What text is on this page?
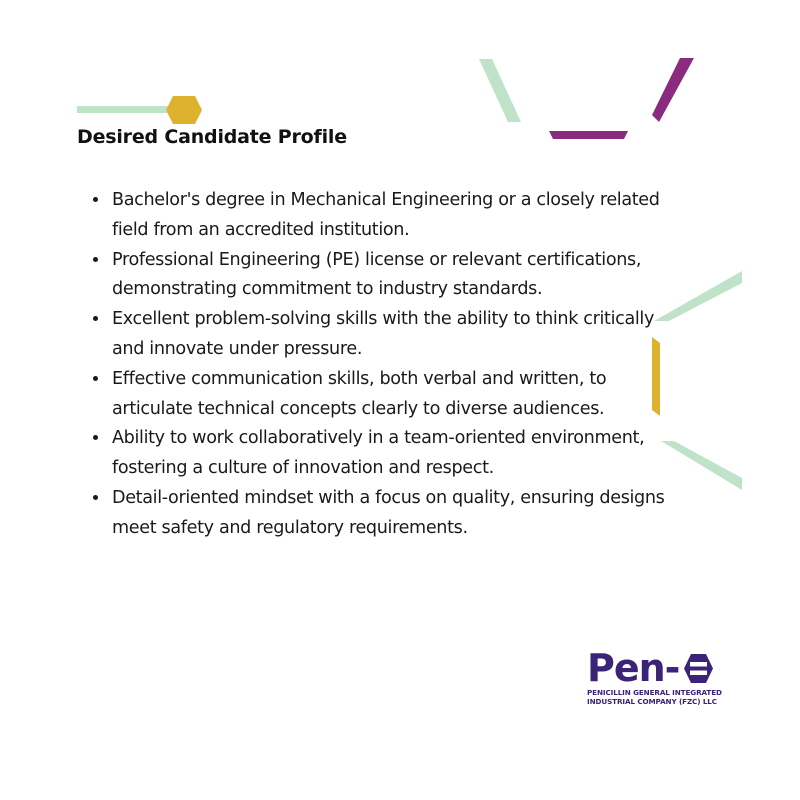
Desired Candidate Profile
• Bachelor's degree in Mechanical Engineering or a closely related field from an accredited institution.
• Professional Engineering (PE) license or relevant certifications, demonstrating commitment to industry standards.
• Excellent problem-solving skills with the ability to think critically and innovate under pressure.
• Effective communication skills, both verbal and written, to articulate technical concepts clearly to diverse audiences.
• Ability to work collaboratively in a team-oriented environment, fostering a culture of innovation and respect.
• Detail-oriented mindset with a focus on quality, ensuring designs meet safety and regulatory requirements.
Pen-
PENICILLIN GENERAL INTEGRATED
INDUSTRIAL COMPANY (FZC) LLC
